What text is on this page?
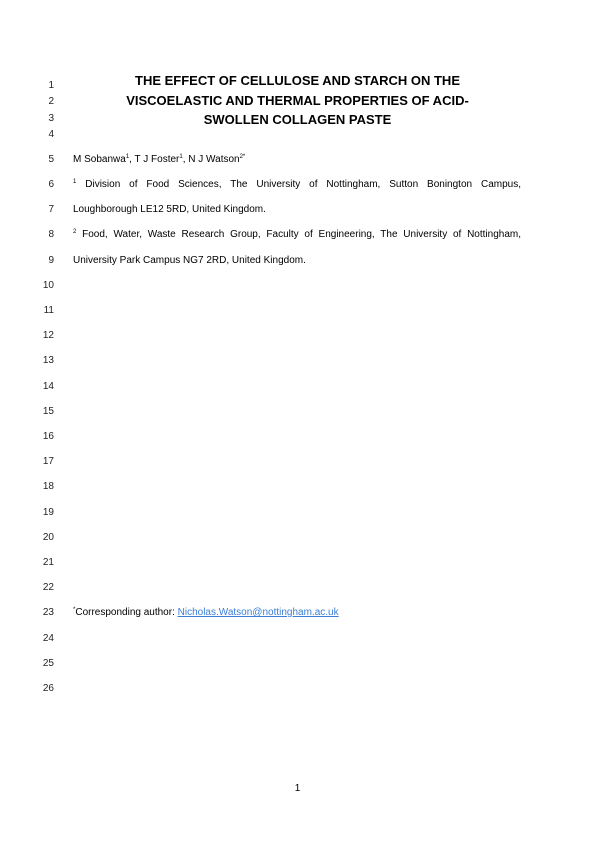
1
2
3
4
5
6
7
8
9
10
11
12
13
14
15
16
17
18
19
20
21
22
23
24
25
26
THE EFFECT OF CELLULOSE AND STARCH ON THE
VISCOELASTIC AND THERMAL PROPERTIES OF ACID-
SWOLLEN COLLAGEN PASTE
M Sobanwa$^1$, T J Foster$^1$, N J Watson$^{2*}$
$^1$ Division of Food Sciences, The University of Nottingham, Sutton Bonington Campus,
Loughborough LE12 5RD, United Kingdom.
$^2$ Food, Water, Waste Research Group, Faculty of Engineering, The University of Nottingham,
University Park Campus NG7 2RD, United Kingdom.
*Corresponding author: Nicholas.Watson@nottingham.ac.uk
1
